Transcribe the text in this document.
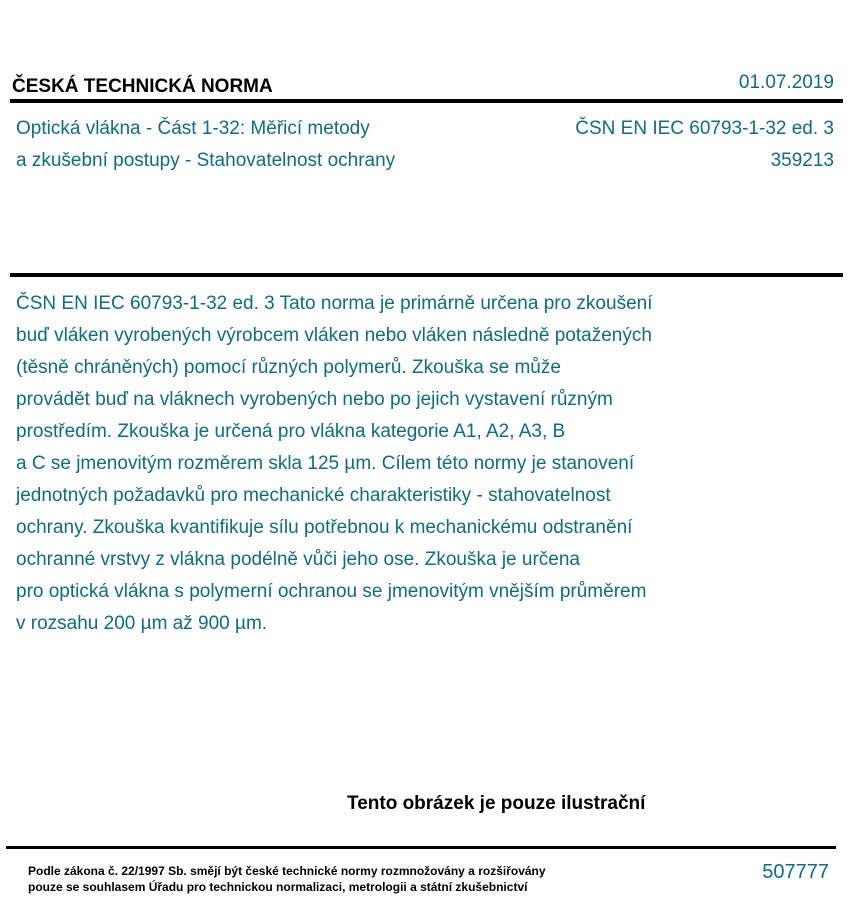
ČESKÁ TECHNICKÁ NORMA	01.07.2019
Optická vlákna - Část 1-32: Měřicí metody
a zkušební postupy - Stahovatelnost ochrany
ČSN EN IEC 60793-1-32 ed. 3
359213
ČSN EN IEC 60793-1-32 ed. 3 Tato norma je primárně určena pro zkoušení
buď vláken vyrobených výrobcem vláken nebo vláken následně potažených
(těsně chráněných) pomocí různých polymerů. Zkouška se může
provádět buď na vláknech vyrobených nebo po jejich vystavení různým
prostředím. Zkouška je určená pro vlákna kategorie A1, A2, A3, B
a C se jmenovitým rozměrem skla 125 µm. Cílem této normy je stanovení
jednotných požadavků pro mechanické charakteristiky - stahovatelnost
ochrany. Zkouška kvantifikuje sílu potřebnou k mechanickému odstranění
ochranné vrstvy z vlákna podélně vůči jeho ose. Zkouška je určena
pro optická vlákna s polymerní ochranou se jmenovitým vnějším průměrem
v rozsahu 200 µm až 900 µm.
Tento obrázek je pouze ilustrační
Podle zákona č. 22/1997 Sb. smějí být české technické normy rozmnožovány a rozšiřovány
pouze se souhlasem Úřadu pro technickou normalizaci, metrologii a státní zkušebnictví
507777
